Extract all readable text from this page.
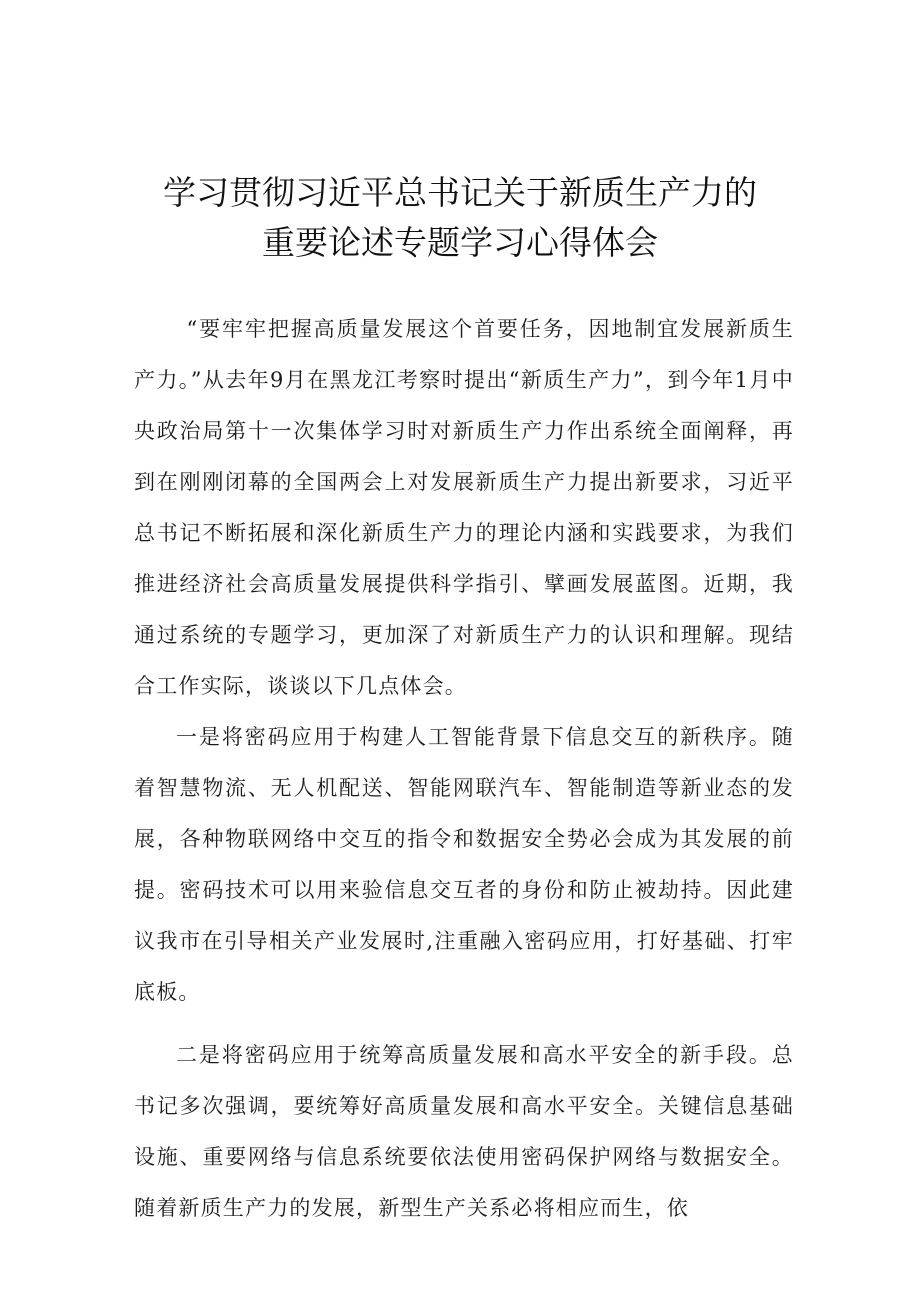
学习贯彻习近平总书记关于新质生产力的
重要论述专题学习心得体会

“要牢牢把握高质量发展这个首要任务，因地制宜发展新质生产力。”从去年9月在黑龙江考察时提出“新质生产力”，到今年1月中央政治局第十一次集体学习时对新质生产力作出系统全面阐释，再到在刚刚闭幕的全国两会上对发展新质生产力提出新要求，习近平总书记不断拓展和深化新质生产力的理论内涵和实践要求，为我们推进经济社会高质量发展提供科学指引、擘画发展蓝图。近期，我通过系统的专题学习，更加深了对新质生产力的认识和理解。现结合工作实际，谈谈以下几点体会。

一是将密码应用于构建人工智能背景下信息交互的新秩序。随着智慧物流、无人机配送、智能网联汽车、智能制造等新业态的发展，各种物联网络中交互的指令和数据安全势必会成为其发展的前提。密码技术可以用来验信息交互者的身份和防止被劫持。因此建议我市在引导相关产业发展时,注重融入密码应用，打好基础、打牢底板。

二是将密码应用于统筹高质量发展和高水平安全的新手段。总书记多次强调，要统筹好高质量发展和高水平安全。关键信息基础设施、重要网络与信息系统要依法使用密码保护网络与数据安全。随着新质生产力的发展，新型生产关系必将相应而生，依
